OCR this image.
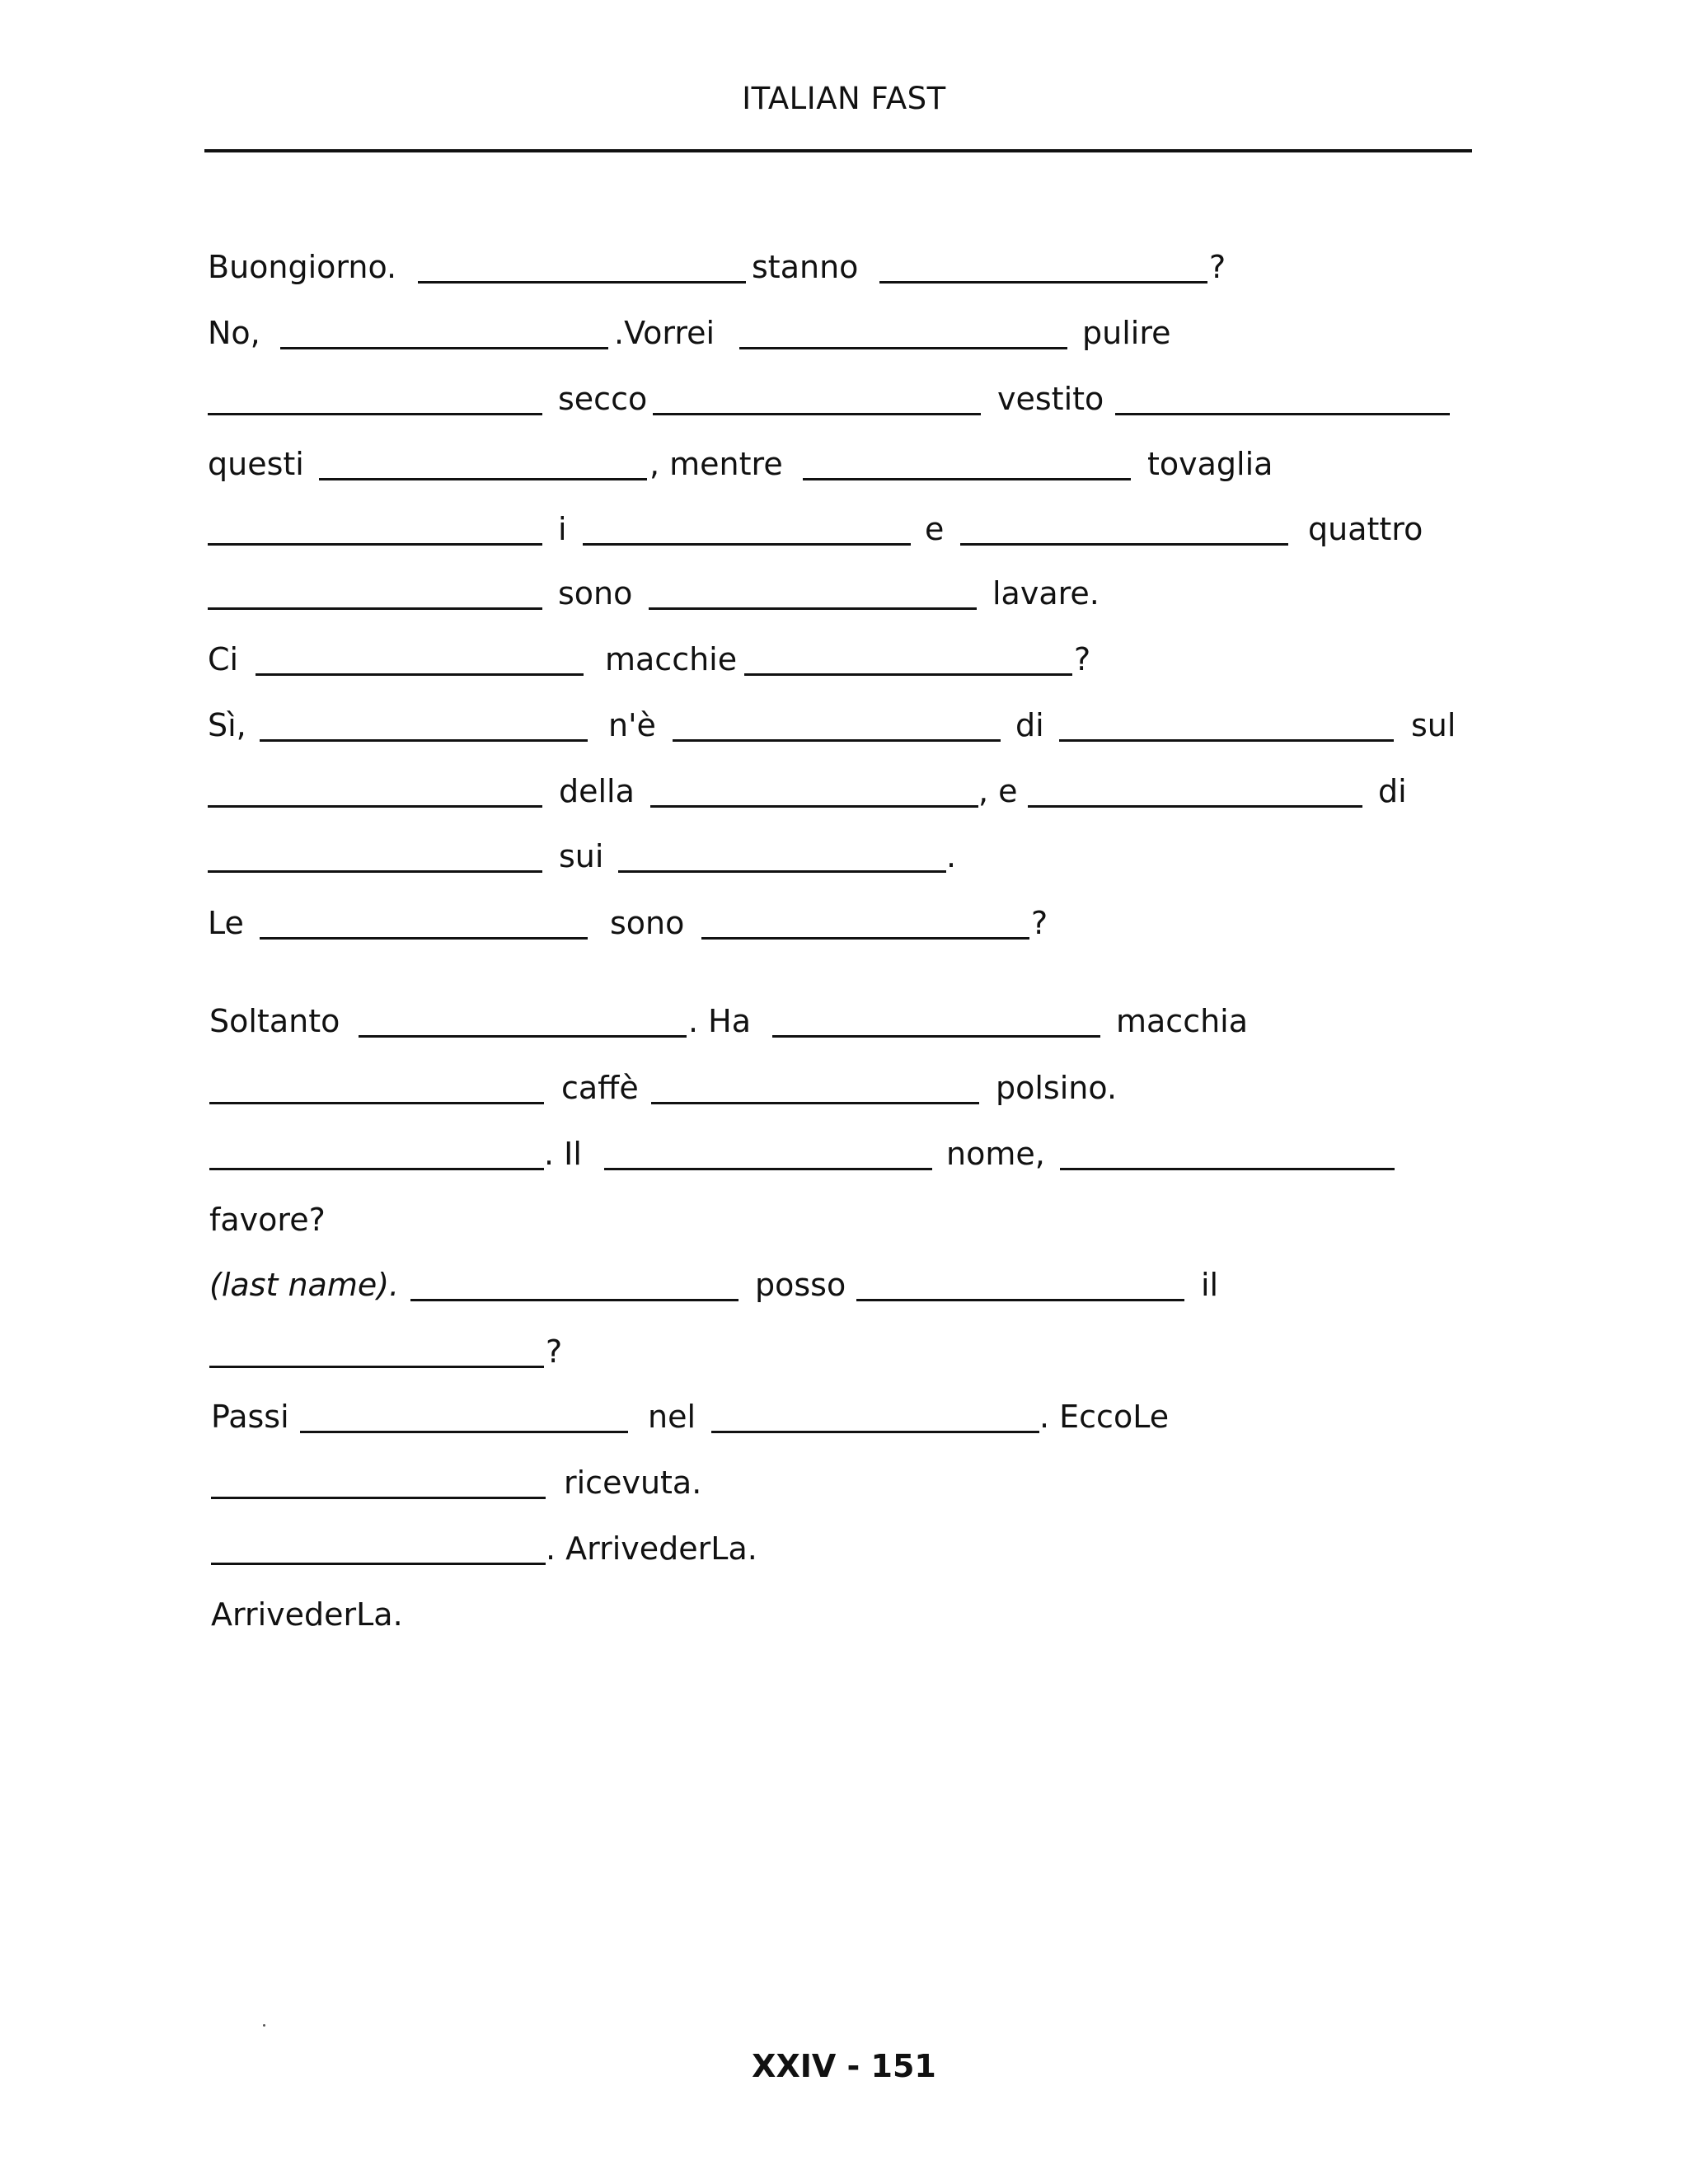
ITALIAN FAST
Buongiorno.	stanno	?
No,	.Vorrei	pulire
secco	vestito
questi	, mentre	tovaglia
i	e	quattro
sono	lavare.
Ci	macchie	?
Sì,	n'è	di	sul
della	, e	di
sui	.
Le	sono	?
Soltanto	. Ha	macchia
caffè	polsino.
. Il	nome,
favore?
(last name).	posso	il
?
Passi	nel	. EccoLe
ricevuta.
. ArrivederLa.
ArrivederLa.
XXIV - 151
